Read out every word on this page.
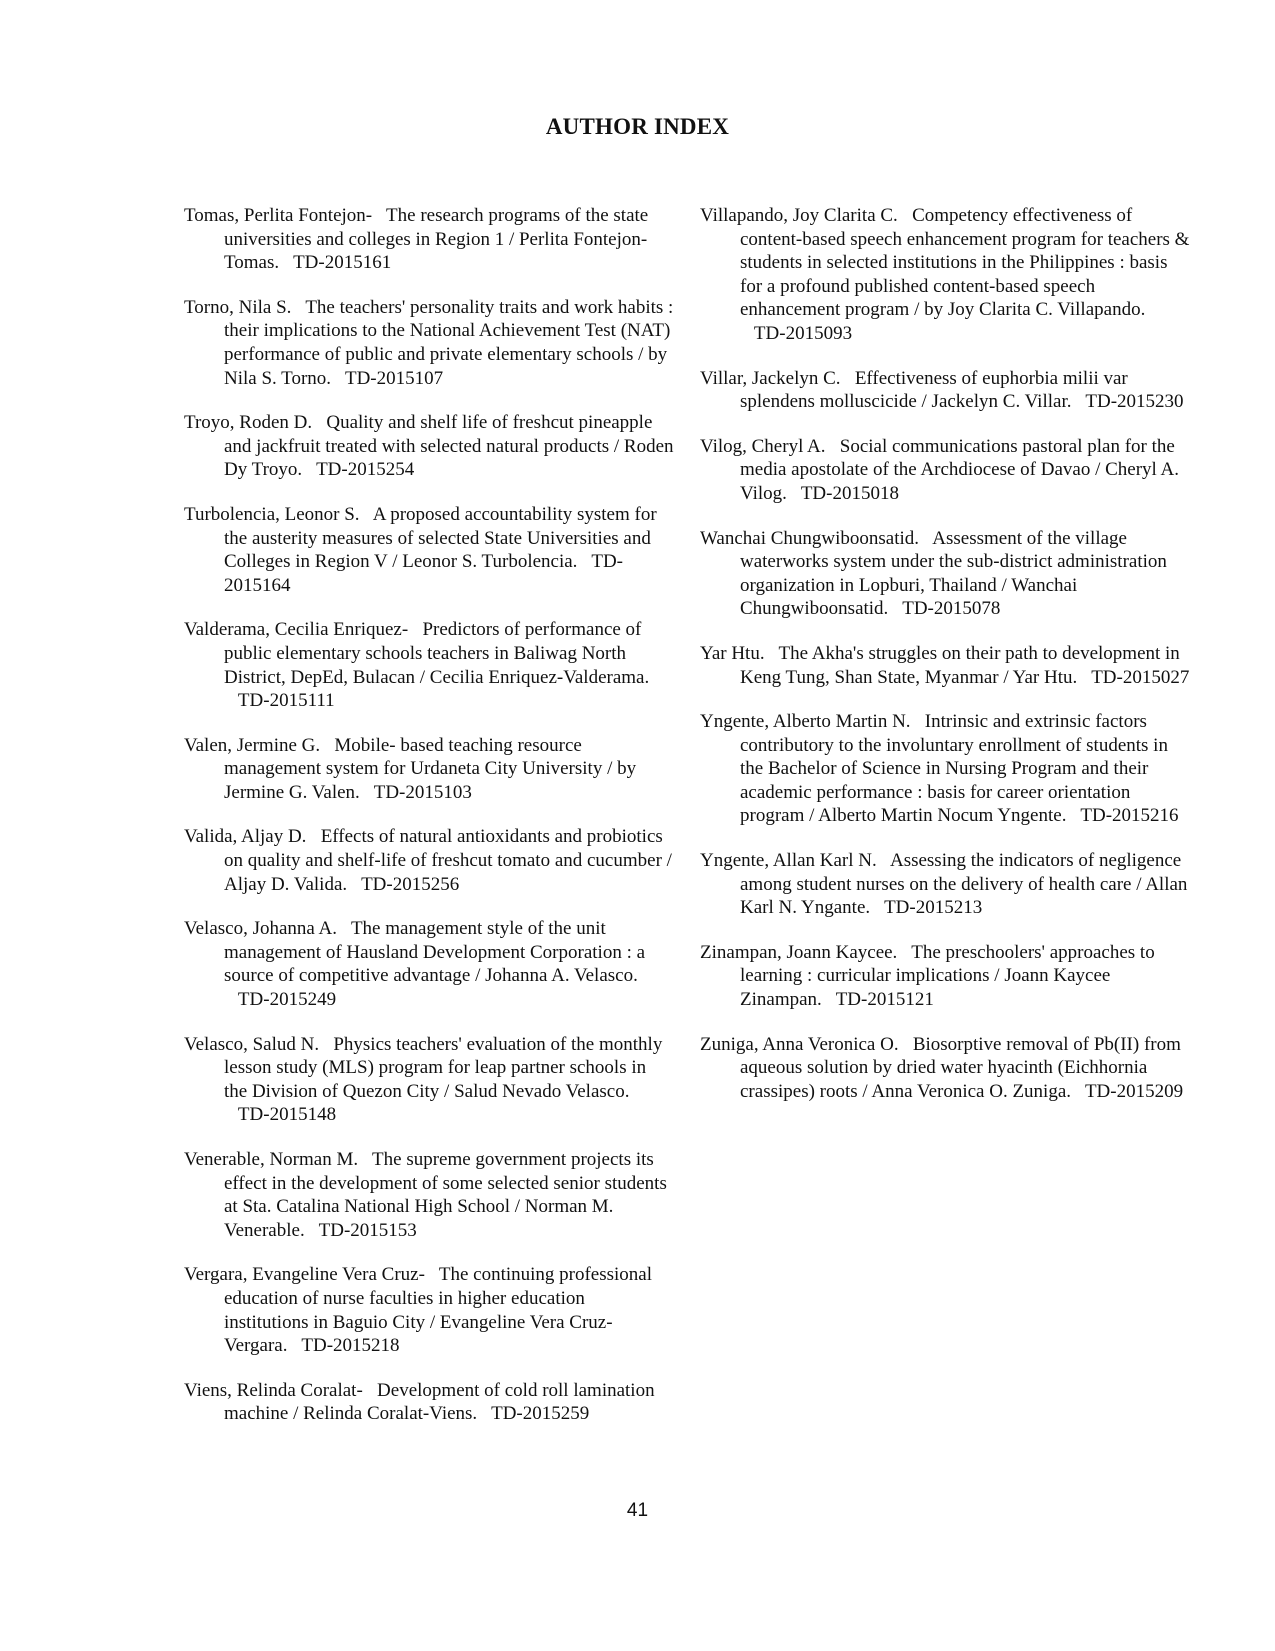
AUTHOR INDEX

Tomas, Perlita Fontejon- The research programs of the state universities and colleges in Region 1 / Perlita Fontejon-Tomas. TD-2015161

Torno, Nila S. The teachers' personality traits and work habits : their implications to the National Achievement Test (NAT) performance of public and private elementary schools / by Nila S. Torno. TD-2015107

Troyo, Roden D. Quality and shelf life of freshcut pineapple and jackfruit treated with selected natural products / Roden Dy Troyo. TD-2015254

Turbolencia, Leonor S. A proposed accountability system for the austerity measures of selected State Universities and Colleges in Region V / Leonor S. Turbolencia. TD-2015164

Valderama, Cecilia Enriquez- Predictors of performance of public elementary schools teachers in Baliwag North District, DepEd, Bulacan / Cecilia Enriquez-Valderama.   TD-2015111

Valen, Jermine G. Mobile- based teaching resource management system for Urdaneta City University / by Jermine G. Valen. TD-2015103

Valida, Aljay D. Effects of natural antioxidants and probiotics on quality and shelf-life of freshcut tomato and cucumber / Aljay D. Valida. TD-2015256

Velasco, Johanna A. The management style of the unit management of Hausland Development Corporation : a source of competitive advantage / Johanna A. Velasco.   TD-2015249

Velasco, Salud N. Physics teachers' evaluation of the monthly lesson study (MLS) program for leap partner schools in the Division of Quezon City / Salud Nevado Velasco.   TD-2015148

Venerable, Norman M. The supreme government projects its effect in the development of some selected senior students at Sta. Catalina National High School / Norman M. Venerable. TD-2015153

Vergara, Evangeline Vera Cruz- The continuing professional education of nurse faculties in higher education institutions in Baguio City / Evangeline Vera Cruz-Vergara. TD-2015218

Viens, Relinda Coralat- Development of cold roll lamination machine / Relinda Coralat-Viens. TD-2015259

Villapando, Joy Clarita C. Competency effectiveness of content-based speech enhancement program for teachers & students in selected institutions in the Philippines : basis for a profound published content-based speech enhancement program / by Joy Clarita C. Villapando.   TD-2015093

Villar, Jackelyn C. Effectiveness of euphorbia milii var splendens molluscicide / Jackelyn C. Villar. TD-2015230

Vilog, Cheryl A. Social communications pastoral plan for the media apostolate of the Archdiocese of Davao / Cheryl A. Vilog. TD-2015018

Wanchai Chungwiboonsatid. Assessment of the village waterworks system under the sub-district administration organization in Lopburi, Thailand / Wanchai Chungwiboonsatid. TD-2015078

Yar Htu. The Akha's struggles on their path to development in Keng Tung, Shan State, Myanmar / Yar Htu. TD-2015027

Yngente, Alberto Martin N. Intrinsic and extrinsic factors contributory to the involuntary enrollment of students in the Bachelor of Science in Nursing Program and their academic performance : basis for career orientation program / Alberto Martin Nocum Yngente. TD-2015216

Yngente, Allan Karl N. Assessing the indicators of negligence among student nurses on the delivery of health care / Allan Karl N. Yngante. TD-2015213

Zinampan, Joann Kaycee. The preschoolers' approaches to learning : curricular implications / Joann Kaycee Zinampan. TD-2015121

Zuniga, Anna Veronica O. Biosorptive removal of Pb(II) from aqueous solution by dried water hyacinth (Eichhornia crassipes) roots / Anna Veronica O. Zuniga. TD-2015209

41
